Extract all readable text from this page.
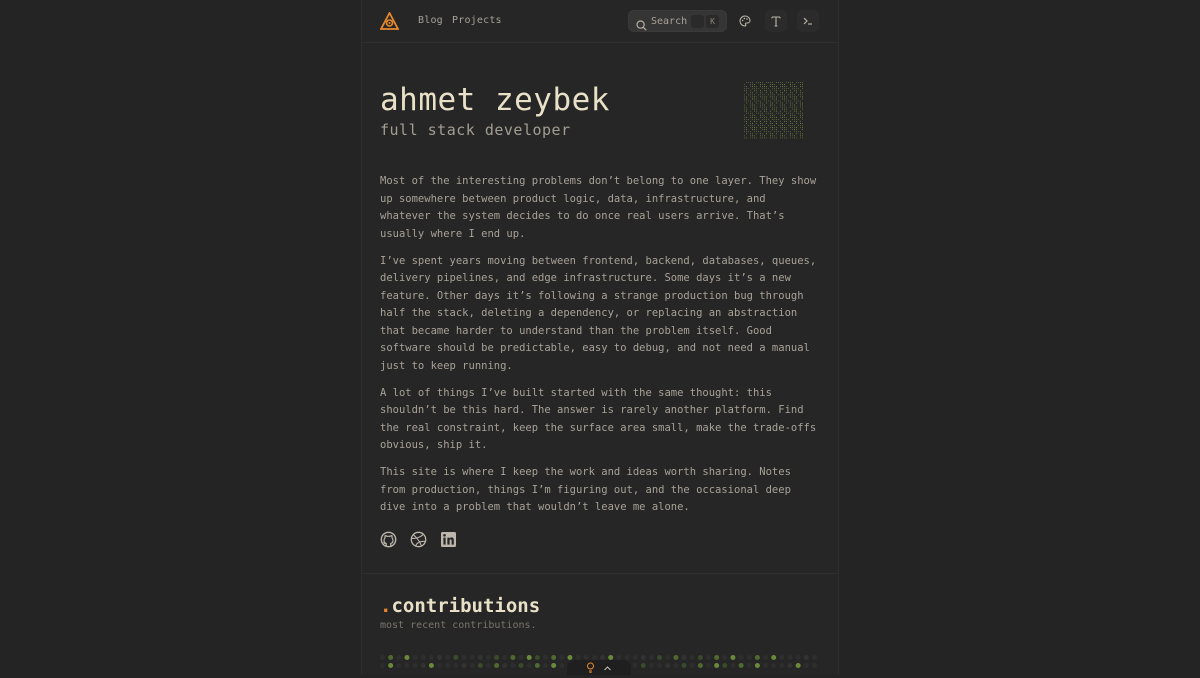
Blog Projects	Search	K
ahmet zeybek
full stack developer

Most of the interesting problems don’t belong to one layer. They show up somewhere between product logic, data, infrastructure, and whatever the system decides to do once real users arrive. That’s usually where I end up.

I’ve spent years moving between frontend, backend, databases, queues, delivery pipelines, and edge infrastructure. Some days it’s a new feature. Other days it’s following a strange production bug through half the stack, deleting a dependency, or replacing an abstraction that became harder to understand than the problem itself. Good software should be predictable, easy to debug, and not need a manual just to keep running.

A lot of things I’ve built started with the same thought: this shouldn’t be this hard. The answer is rarely another platform. Find the real constraint, keep the surface area small, make the trade-offs obvious, ship it.

This site is where I keep the work and ideas worth sharing. Notes from production, things I’m figuring out, and the occasional deep dive into a problem that wouldn’t leave me alone.

.contributions
most recent contributions.
